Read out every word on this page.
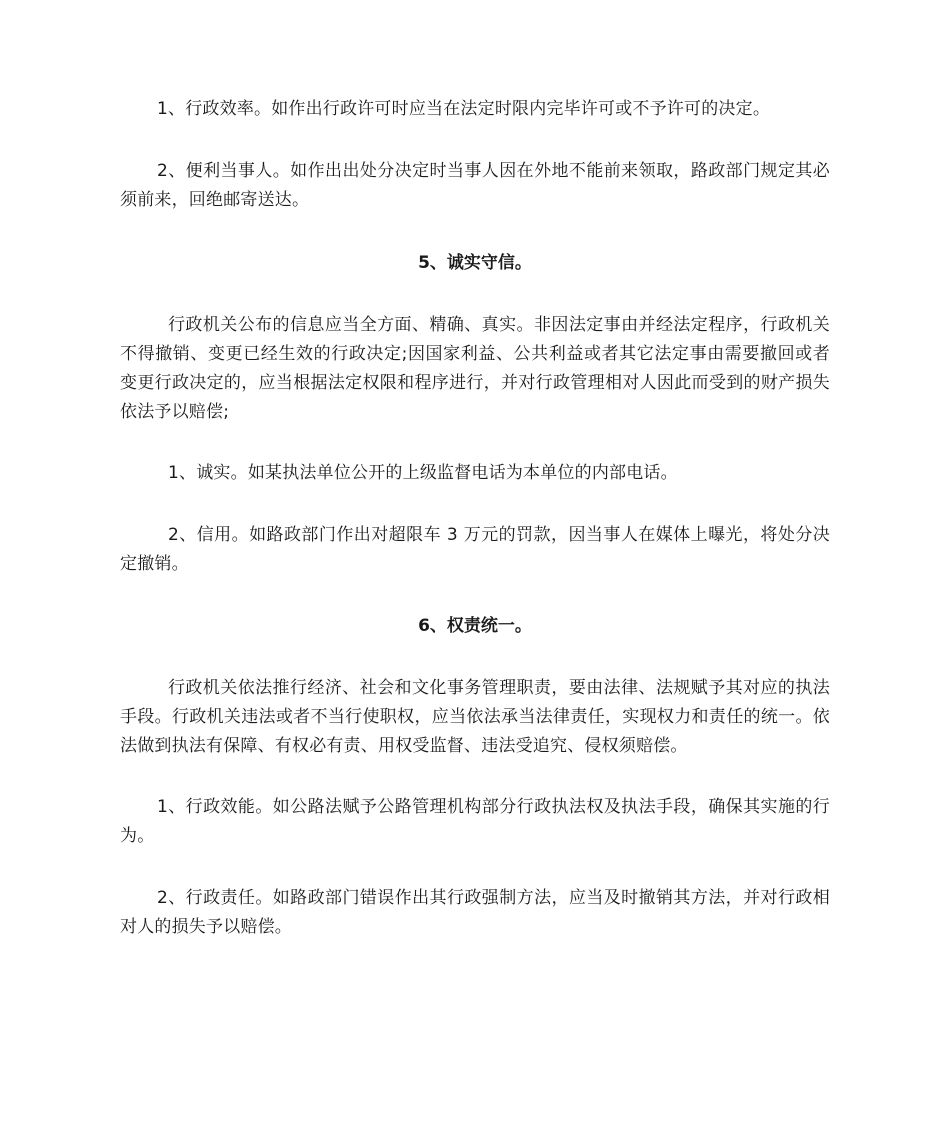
1、行政效率。如作出行政许可时应当在法定时限内完毕许可或不予许可的决定。

2、便利当事人。如作出出处分决定时当事人因在外地不能前来领取，路政部门规定其必须前来，回绝邮寄送达。

5、诚实守信。

行政机关公布的信息应当全方面、精确、真实。非因法定事由并经法定程序，行政机关不得撤销、变更已经生效的行政决定;因国家利益、公共利益或者其它法定事由需要撤回或者变更行政决定的，应当根据法定权限和程序进行，并对行政管理相对人因此而受到的财产损失依法予以赔偿;

1、诚实。如某执法单位公开的上级监督电话为本单位的内部电话。

2、信用。如路政部门作出对超限车 3 万元的罚款，因当事人在媒体上曝光，将处分决定撤销。

6、权责统一。

行政机关依法推行经济、社会和文化事务管理职责，要由法律、法规赋予其对应的执法手段。行政机关违法或者不当行使职权，应当依法承当法律责任，实现权力和责任的统一。依法做到执法有保障、有权必有责、用权受监督、违法受追究、侵权须赔偿。

1、行政效能。如公路法赋予公路管理机构部分行政执法权及执法手段，确保其实施的行为。

2、行政责任。如路政部门错误作出其行政强制方法，应当及时撤销其方法，并对行政相对人的损失予以赔偿。
